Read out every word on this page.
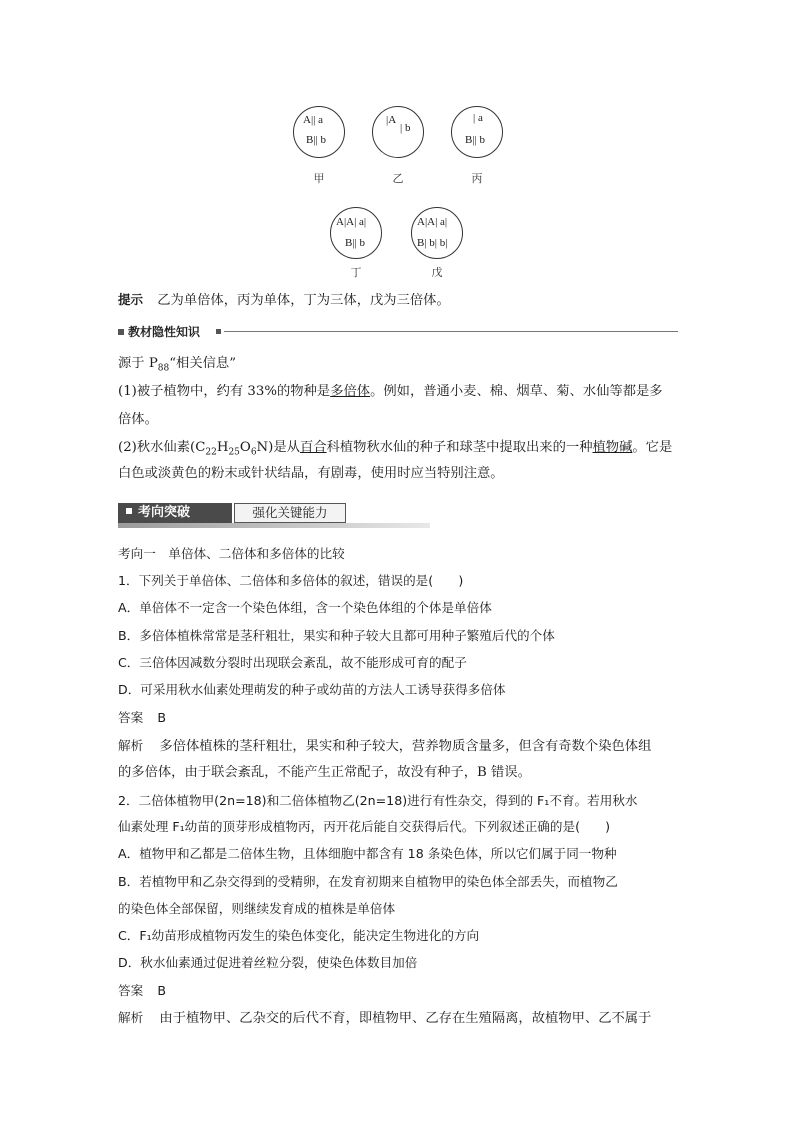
A|| a
B|| b
甲
|A
| b
乙
| a
B|| b
丙
A|A| a|
B|| b
丁
A|A| a|
B| b| b|
戊
提示 乙为单倍体，丙为单体，丁为三体，戊为三倍体。
教材隐性知识
源于 $P_{88}“$相关信息”
(1)被子植物中，约有 33%的物种是多倍体。例如，普通小麦、棉、烟草、菊、水仙等都是多
倍体。
(2)秋水仙素$(C_{22}H_{25}O_6N)$是从百合科植物秋水仙的种子和球茎中提取出来的一种植物碱。它是
白色或淡黄色的粉末或针状结晶，有剧毒，使用时应当特别注意。
考向突破	强化关键能力
考向一　单倍体、二倍体和多倍体的比较
1．下列关于单倍体、二倍体和多倍体的叙述，错误的是(　　)
A．单倍体不一定含一个染色体组，含一个染色体组的个体是单倍体
B．多倍体植株常常是茎秆粗壮，果实和种子较大且都可用种子繁殖后代的个体
C．三倍体因减数分裂时出现联会紊乱，故不能形成可育的配子
D．可采用秋水仙素处理萌发的种子或幼苗的方法人工诱导获得多倍体
答案 B
解析 多倍体植株的茎秆粗壮，果实和种子较大，营养物质含量多，但含有奇数个染色体组
的多倍体，由于联会紊乱，不能产生正常配子，故没有种子，B 错误。
2．二倍体植物甲(2n=18)和二倍体植物乙(2n=18)进行有性杂交，得到的 F₁不育。若用秋水
仙素处理 F₁幼苗的顶芽形成植物丙，丙开花后能自交获得后代。下列叙述正确的是(　　)
A．植物甲和乙都是二倍体生物，且体细胞中都含有 18 条染色体，所以它们属于同一物种
B．若植物甲和乙杂交得到的受精卵，在发育初期来自植物甲的染色体全部丢失，而植物乙
的染色体全部保留，则继续发育成的植株是单倍体
C．F₁幼苗形成植物丙发生的染色体变化，能决定生物进化的方向
D．秋水仙素通过促进着丝粒分裂，使染色体数目加倍
答案 B
解析 由于植物甲、乙杂交的后代不育，即植物甲、乙存在生殖隔离，故植物甲、乙不属于
